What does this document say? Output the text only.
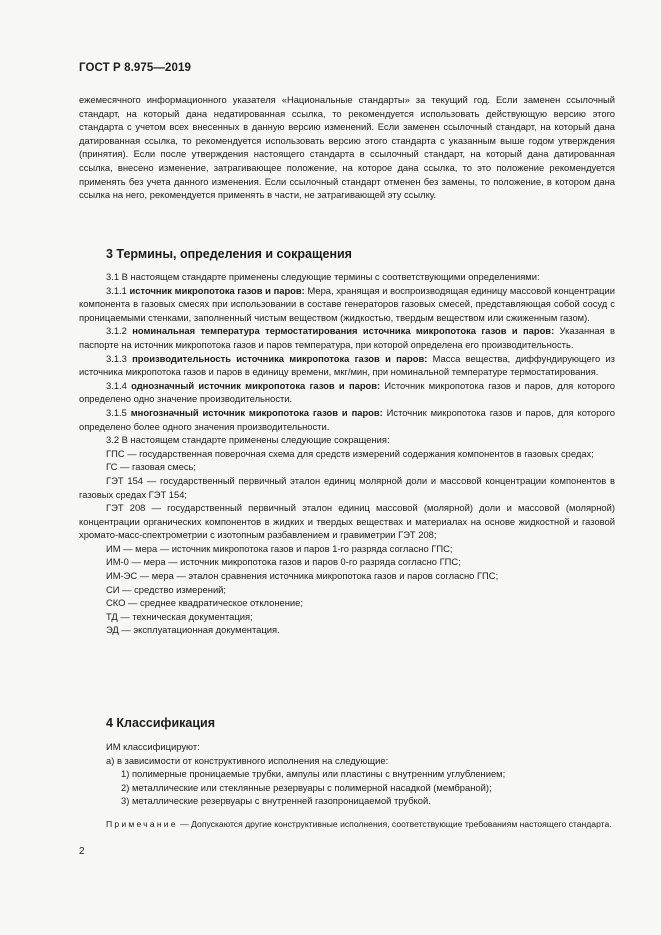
ГОСТ Р 8.975—2019

ежемесячного информационного указателя «Национальные стандарты» за текущий год. Если заменен ссылочный стандарт, на который дана недатированная ссылка, то рекомендуется использовать действующую версию этого стандарта с учетом всех внесенных в данную версию изменений. Если заменен ссылочный стандарт, на который дана датированная ссылка, то рекомендуется использовать версию этого стандарта с указанным выше годом утверждения (принятия). Если после утверждения настоящего стандарта в ссылочный стандарт, на который дана датированная ссылка, внесено изменение, затрагивающее положение, на которое дана ссылка, то это положение рекомендуется применять без учета данного изменения. Если ссылочный стандарт отменен без замены, то положение, в котором дана ссылка на него, рекомендуется применять в части, не затрагивающей эту ссылку.

3 Термины, определения и сокращения

3.1 В настоящем стандарте применены следующие термины с соответствующими определениями:

3.1.1 источник микропотока газов и паров: Мера, хранящая и воспроизводящая единицу массовой концентрации компонента в газовых смесях при использовании в составе генераторов газовых смесей, представляющая собой сосуд с проницаемыми стенками, заполненный чистым веществом (жидкостью, твердым веществом или сжиженным газом).

3.1.2 номинальная температура термостатирования источника микропотока газов и паров: Указанная в паспорте на источник микропотока газов и паров температура, при которой определена его производительность.

3.1.3 производительность источника микропотока газов и паров: Масса вещества, диффундирующего из источника микропотока газов и паров в единицу времени, мкг/мин, при номинальной температуре термостатирования.

3.1.4 однозначный источник микропотока газов и паров: Источник микропотока газов и паров, для которого определено одно значение производительности.

3.1.5 многозначный источник микропотока газов и паров: Источник микропотока газов и паров, для которого определено более одного значения производительности.

3.2 В настоящем стандарте применены следующие сокращения:

ГПС — государственная поверочная схема для средств измерений содержания компонентов в газовых средах;

ГС — газовая смесь;

ГЭТ 154 — государственный первичный эталон единиц молярной доли и массовой концентрации компонентов в газовых средах ГЭТ 154;

ГЭТ 208 — государственный первичный эталон единиц массовой (молярной) доли и массовой (молярной) концентрации органических компонентов в жидких и твердых веществах и материалах на основе жидкостной и газовой хромато-масс-спектрометрии с изотопным разбавлением и гравиметрии ГЭТ 208;

ИМ — мера — источник микропотока газов и паров 1-го разряда согласно ГПС;

ИМ-0 — мера — источник микропотока газов и паров 0-го разряда согласно ГПС;

ИМ-ЭС — мера — эталон сравнения источника микропотока газов и паров согласно ГПС;

СИ — средство измерений;

СКО — среднее квадратическое отклонение;

ТД — техническая документация;

ЭД — эксплуатационная документация.

4 Классификация

ИМ классифицируют:

а) в зависимости от конструктивного исполнения на следующие:

1) полимерные проницаемые трубки, ампулы или пластины с внутренним углублением;

2) металлические или стеклянные резервуары с полимерной насадкой (мембраной);

3) металлические резервуары с внутренней газопроницаемой трубкой.

Примечание — Допускаются другие конструктивные исполнения, соответствующие требованиям настоящего стандарта.

2
